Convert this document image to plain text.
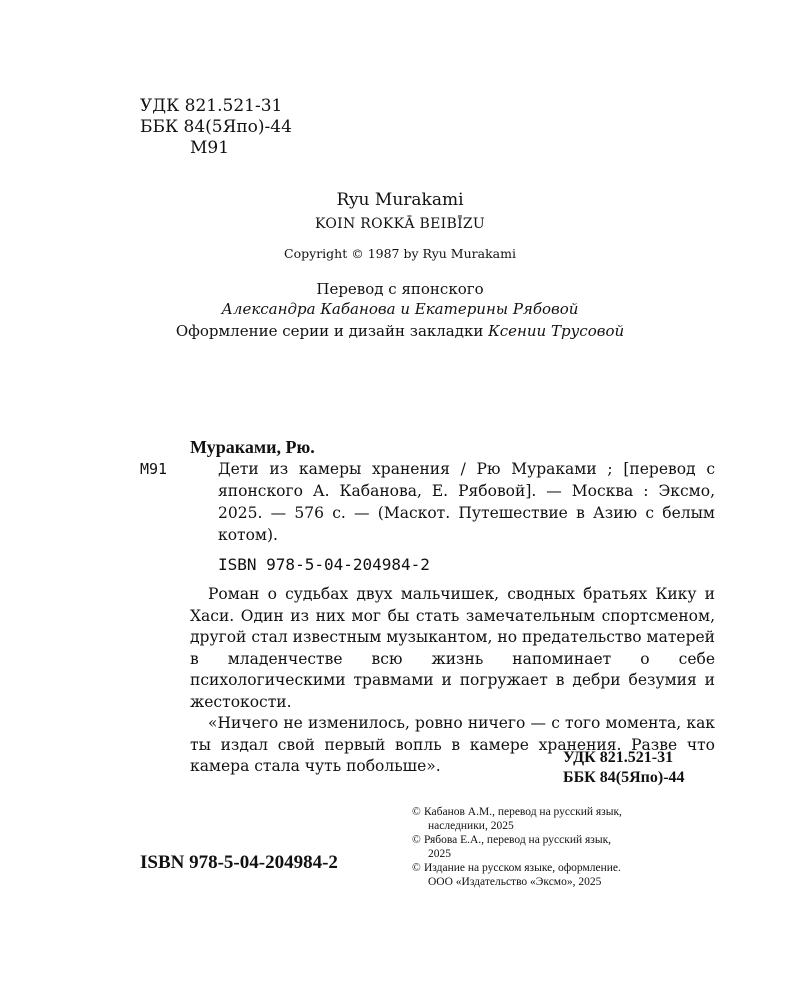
УДК 821.521-31
ББК 84(5Япо)-44
М91
Ryu Murakami
KOIN ROKKĀ BEIBĪZU
Copyright © 1987 by Ryu Murakami
Перевод с японского
Александра Кабанова и Екатерины Рябовой
Оформление серии и дизайн закладки Ксении Трусовой
Мураками, Рю.
М91	Дети из камеры хранения / Рю Мураками ; [перевод с японского А. Кабанова, Е. Рябовой]. — Москва : Эксмо, 2025. — 576 с. — (Маскот. Путешествие в Азию с белым котом).
ISBN 978-5-04-204984-2

Роман о судьбах двух мальчишек, сводных братьях Кику и Хаси. Один из них мог бы стать замечательным спортсменом, другой стал известным музыкантом, но предательство матерей в младенчестве всю жизнь напоминает о себе психологическими травмами и погружает в дебри безумия и жестокости.

«Ничего не изменилось, ровно ничего — с того момента, как ты издал свой первый вопль в камере хранения. Разве что камера стала чуть побольше».	УДК 821.521-31
ББК 84(5Япо)-44
ISBN 978-5-04-204984-2
© Кабанов А.М., перевод на русский язык,
наследники, 2025
© Рябова Е.А., перевод на русский язык,
2025
© Издание на русском языке, оформление.
ООО «Издательство «Эксмо», 2025
